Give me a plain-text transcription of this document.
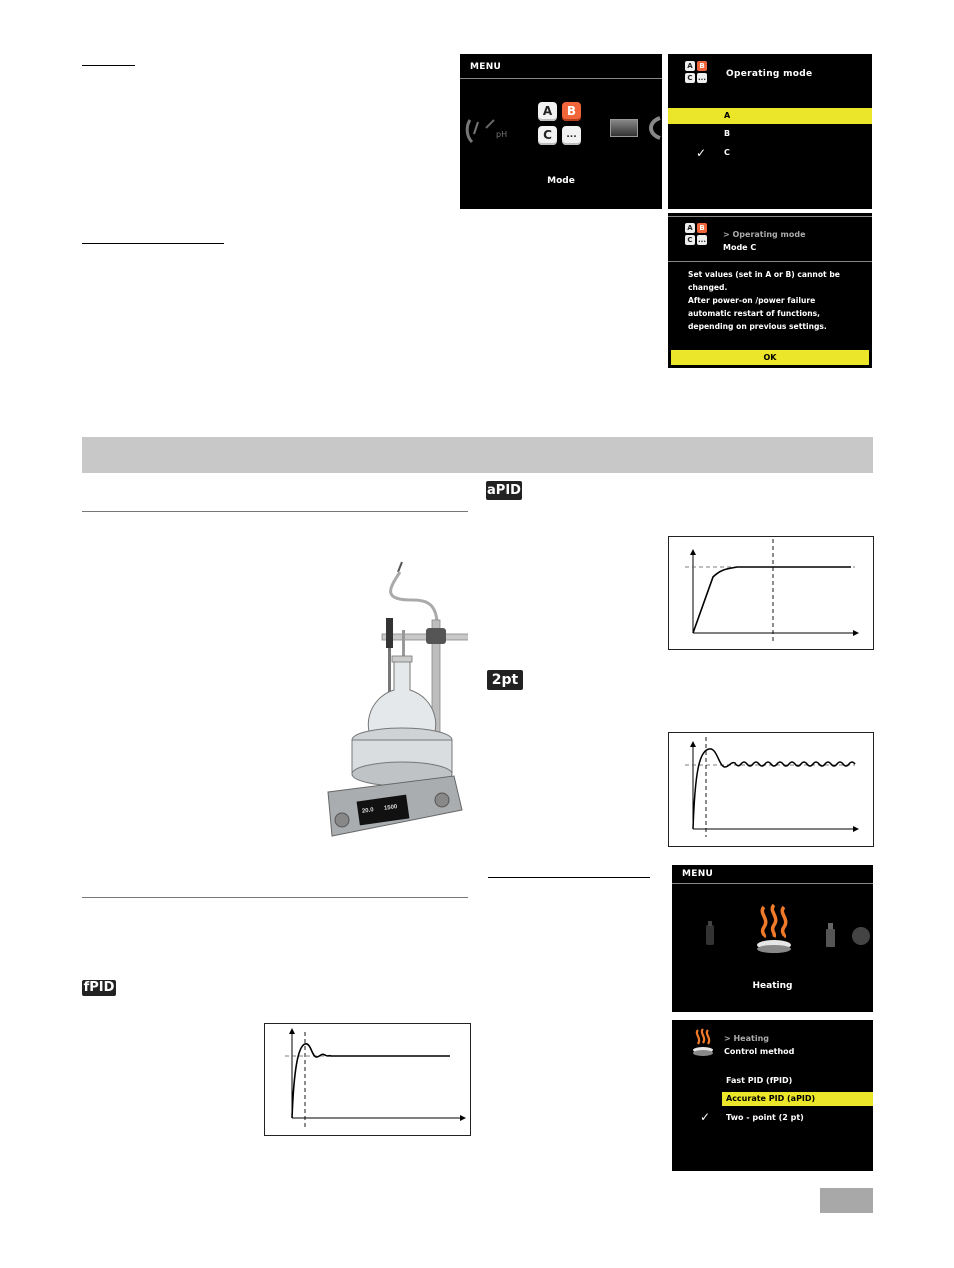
MENU
pH
A	B
C	...
Mode
A B
C ... Operating mode
A
B
C
✓
A B
C ...
> Operating mode
Mode C
Set values (set in A or B) cannot be
changed.
After power-on /power failure
automatic restart of functions,
depending on previous settings.
OK
20.0 1500
fPID
aPID
2pt
MENU
Heating
> Heating
Control method
Fast PID (fPID)
Accurate PID (aPID)
Two - point (2 pt)
✓
